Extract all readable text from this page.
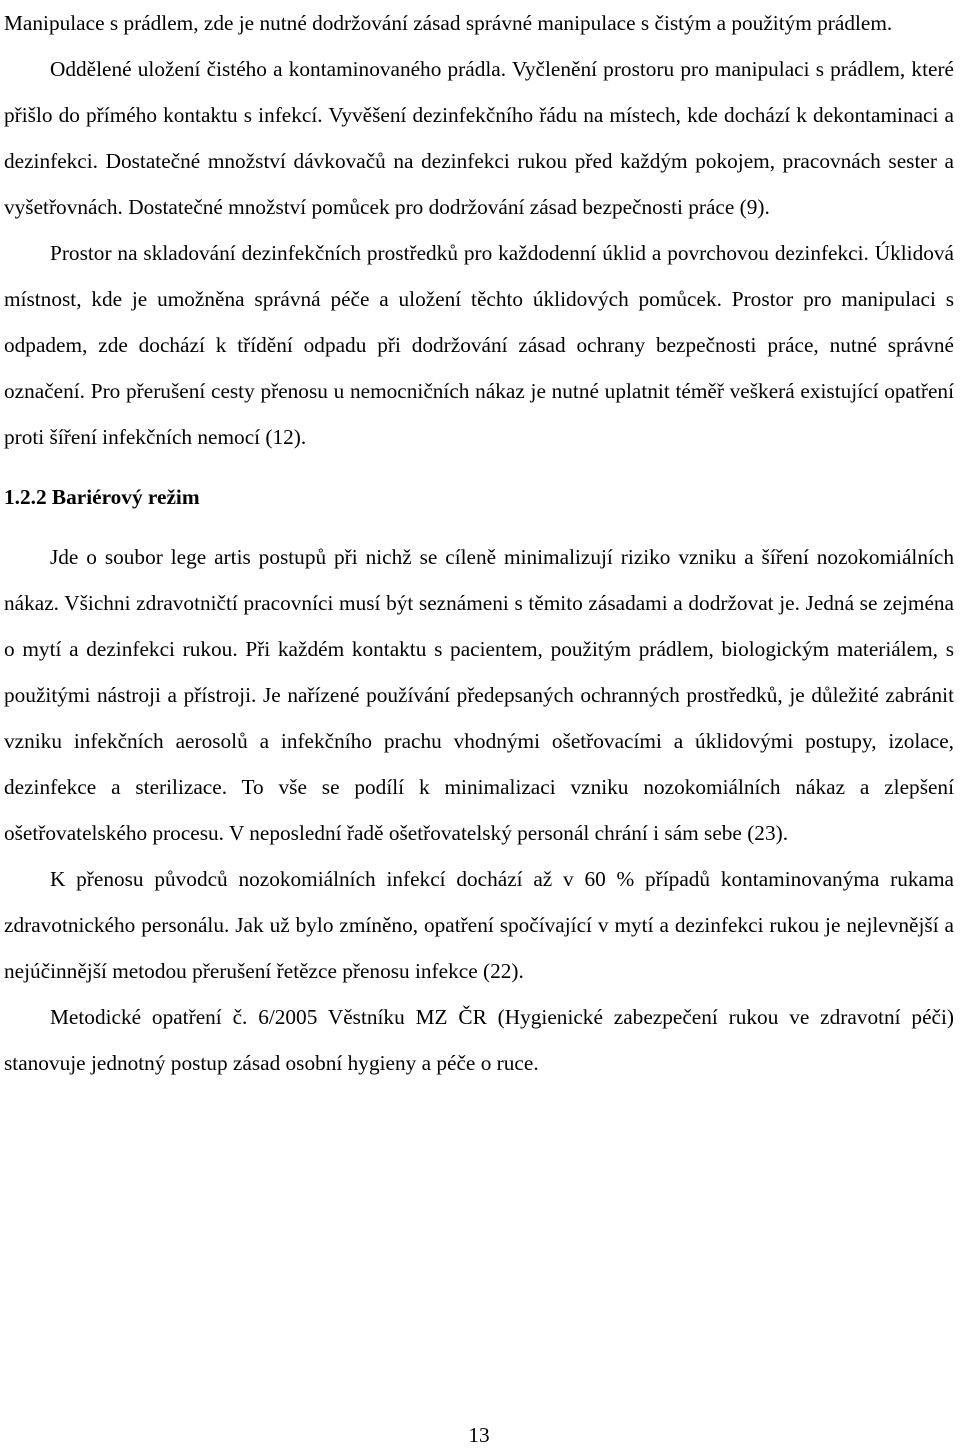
Manipulace s prádlem, zde je nutné dodržování zásad správné manipulace s čistým a použitým prádlem.

Oddělené uložení čistého a kontaminovaného prádla. Vyčlenění prostoru pro manipulaci s prádlem, které přišlo do přímého kontaktu s infekcí. Vyvěšení dezinfekčního řádu na místech, kde dochází k dekontaminaci a dezinfekci. Dostatečné množství dávkovačů na dezinfekci rukou před každým pokojem, pracovnách sester a vyšetřovnách. Dostatečné množství pomůcek pro dodržování zásad bezpečnosti práce (9).

Prostor na skladování dezinfekčních prostředků pro každodenní úklid a povrchovou dezinfekci. Úklidová místnost, kde je umožněna správná péče a uložení těchto úklidových pomůcek. Prostor pro manipulaci s odpadem, zde dochází k třídění odpadu při dodržování zásad ochrany bezpečnosti práce, nutné správné označení. Pro přerušení cesty přenosu u nemocničních nákaz je nutné uplatnit téměř veškerá existující opatření proti šíření infekčních nemocí (12).

1.2.2 Bariérový režim

Jde o soubor lege artis postupů při nichž se cíleně minimalizují riziko vzniku a šíření nozokomiálních nákaz. Všichni zdravotničtí pracovníci musí být seznámeni s těmito zásadami a dodržovat je. Jedná se zejména o mytí a dezinfekci rukou. Při každém kontaktu s pacientem, použitým prádlem, biologickým materiálem, s použitými nástroji a přístroji. Je nařízené používání předepsaných ochranných prostředků, je důležité zabránit vzniku infekčních aerosolů a infekčního prachu vhodnými ošetřovacími a úklidovými postupy, izolace, dezinfekce a sterilizace. To vše se podílí k minimalizaci vzniku nozokomiálních nákaz a zlepšení ošetřovatelského procesu. V neposlední řadě ošetřovatelský personál chrání i sám sebe (23).

K přenosu původců nozokomiálních infekcí dochází až v 60 % případů kontaminovanýma rukama zdravotnického personálu. Jak už bylo zmíněno, opatření spočívající v mytí a dezinfekci rukou je nejlevnější a nejúčinnější metodou přerušení řetězce přenosu infekce (22).

Metodické opatření č. 6/2005 Věstníku MZ ČR (Hygienické zabezpečení rukou ve zdravotní péči) stanovuje jednotný postup zásad osobní hygieny a péče o ruce.

13
